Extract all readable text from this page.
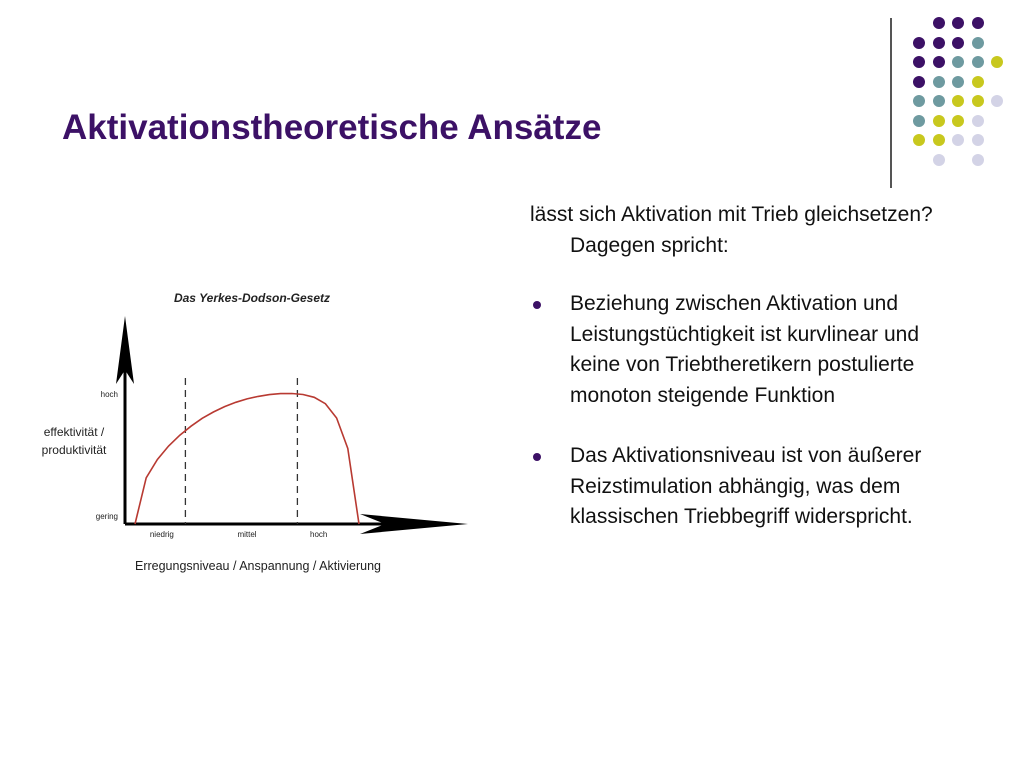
Aktivationstheoretische Ansätze
Das Yerkes-Dodson-Gesetz
effektivität /
produktivität
niedrig	mittel	hoch
gering
hoch
Erregungsniveau / Anspannung / Aktivierung

lässt sich Aktivation mit Trieb gleichsetzen? Dagegen spricht:

Beziehung zwischen Aktivation und Leistungstüchtigkeit ist kurvlinear und keine von Triebtheretikern postulierte monoton steigende Funktion
Das Aktivationsniveau ist von äußerer Reizstimulation abhängig, was dem klassischen Triebbegriff widerspricht.
